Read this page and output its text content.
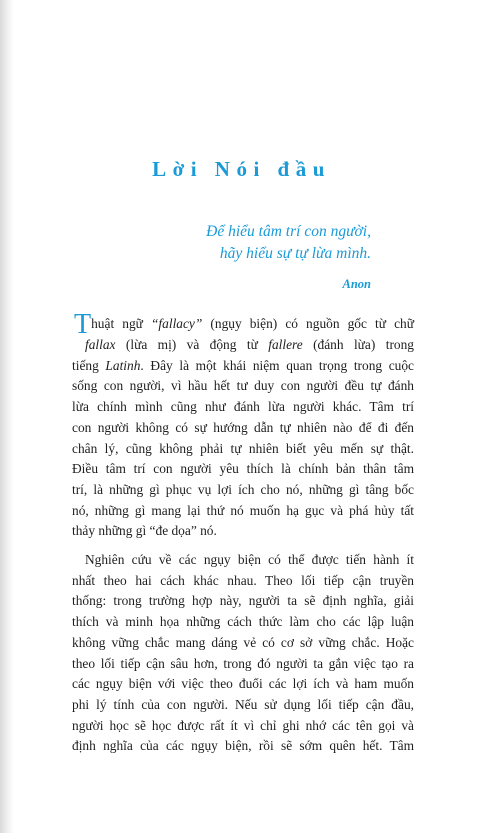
Lời Nói đầu
Để hiểu tâm trí con người,
hãy hiểu sự tự lừa mình.
Anon
Thuật ngữ “fallacy” (ngụy biện) có nguồn gốc từ chữ
fallax (lừa mị) và động từ fallere (đánh lừa) trong
tiếng Latinh. Đây là một khái niệm quan trọng trong cuộc
sống con người, vì hầu hết tư duy con người đều tự đánh
lừa chính mình cũng như đánh lừa người khác. Tâm trí
con người không có sự hướng dẫn tự nhiên nào để đi đến
chân lý, cũng không phải tự nhiên biết yêu mến sự thật.
Điều tâm trí con người yêu thích là chính bản thân tâm
trí, là những gì phục vụ lợi ích cho nó, những gì tâng bốc
nó, những gì mang lại thứ nó muốn hạ gục và phá hủy tất
thảy những gì “đe dọa” nó.
Nghiên cứu về các ngụy biện có thể được tiến hành ít
nhất theo hai cách khác nhau. Theo lối tiếp cận truyền
thống: trong trường hợp này, người ta sẽ định nghĩa, giải
thích và minh họa những cách thức làm cho các lập luận
không vững chắc mang dáng vẻ có cơ sở vững chắc. Hoặc
theo lối tiếp cận sâu hơn, trong đó người ta gắn việc tạo ra
các ngụy biện với việc theo đuổi các lợi ích và ham muốn
phi lý tính của con người. Nếu sử dụng lối tiếp cận đầu,
người học sẽ học được rất ít vì chỉ ghi nhớ các tên gọi và
định nghĩa của các ngụy biện, rồi sẽ sớm quên hết. Tâm
